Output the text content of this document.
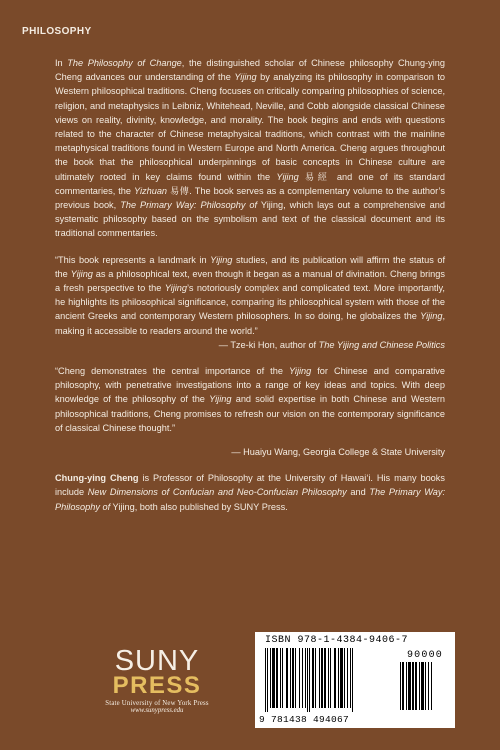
PHILOSOPHY

In The Philosophy of Change, the distinguished scholar of Chinese philosophy Chung-ying Cheng advances our understanding of the Yijing by analyzing its philosophy in comparison to Western philosophical traditions. Cheng focuses on critically comparing philosophies of science, religion, and metaphysics in Leibniz, Whitehead, Neville, and Cobb alongside classical Chinese views on reality, divinity, knowledge, and morality. The book begins and ends with questions related to the character of Chinese metaphysical traditions, which contrast with the mainline metaphysical traditions found in Western Europe and North America. Cheng argues throughout the book that the philosophical underpinnings of basic concepts in Chinese culture are ultimately rooted in key claims found within the Yijing 易經 and one of its standard commentaries, the Yizhuan 易傳. The book serves as a complementary volume to the author’s previous book, The Primary Way: Philosophy of Yijing, which lays out a comprehensive and systematic philosophy based on the symbolism and text of the classical document and its traditional commentaries.

“This book represents a landmark in Yijing studies, and its publication will affirm the status of the Yijing as a philosophical text, even though it began as a manual of divination. Cheng brings a fresh perspective to the Yijing’s notoriously complex and complicated text. More importantly, he highlights its philosophical significance, comparing its philosophical system with those of the ancient Greeks and contemporary Western philosophers. In so doing, he globalizes the Yijing, making it accessible to readers around the world.”
— Tze-ki Hon, author of The Yijing and Chinese Politics

“Cheng demonstrates the central importance of the Yijing for Chinese and comparative philosophy, with penetrative investigations into a range of key ideas and topics. With deep knowledge of the philosophy of the Yijing and solid expertise in both Chinese and Western philosophical traditions, Cheng promises to refresh our vision on the contemporary significance of classical Chinese thought.”
— Huaiyu Wang, Georgia College & State University

Chung-ying Cheng is Professor of Philosophy at the University of Hawai‘i. His many books include New Dimensions of Confucian and Neo-Confucian Philosophy and The Primary Way: Philosophy of Yijing, both also published by SUNY Press.

SUNY
PRESS
State University of New York Press
www.sunypress.edu
ISBN 978-1-4384-9406-7
90000
9 781438 494067
